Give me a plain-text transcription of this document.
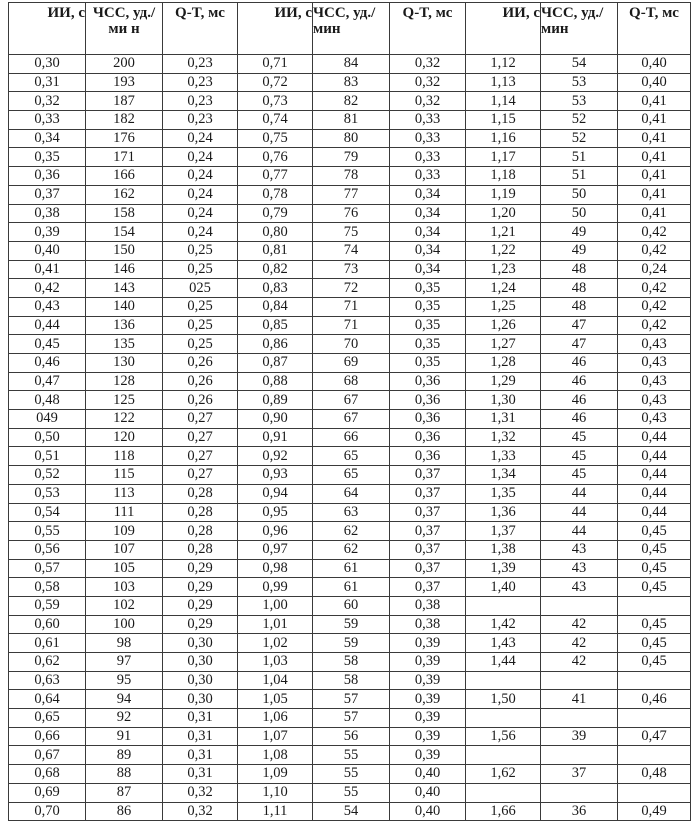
ИИ, с	ЧСС, уд./ми н	Q-T, мс	ИИ, с	ЧСС, уд./мин	Q-T, мс	ИИ, с	ЧСС, уд./мин	Q-T, мс
0,30	200	0,23	0,71	84	0,32	1,12	54	0,40
0,31	193	0,23	0,72	83	0,32	1,13	53	0,40
0,32	187	0,23	0,73	82	0,32	1,14	53	0,41
0,33	182	0,23	0,74	81	0,33	1,15	52	0,41
0,34	176	0,24	0,75	80	0,33	1,16	52	0,41
0,35	171	0,24	0,76	79	0,33	1,17	51	0,41
0,36	166	0,24	0,77	78	0,33	1,18	51	0,41
0,37	162	0,24	0,78	77	0,34	1,19	50	0,41
0,38	158	0,24	0,79	76	0,34	1,20	50	0,41
0,39	154	0,24	0,80	75	0,34	1,21	49	0,42
0,40	150	0,25	0,81	74	0,34	1,22	49	0,42
0,41	146	0,25	0,82	73	0,34	1,23	48	0,24
0,42	143	025	0,83	72	0,35	1,24	48	0,42
0,43	140	0,25	0,84	71	0,35	1,25	48	0,42
0,44	136	0,25	0,85	71	0,35	1,26	47	0,42
0,45	135	0,25	0,86	70	0,35	1,27	47	0,43
0,46	130	0,26	0,87	69	0,35	1,28	46	0,43
0,47	128	0,26	0,88	68	0,36	1,29	46	0,43
0,48	125	0,26	0,89	67	0,36	1,30	46	0,43
049	122	0,27	0,90	67	0,36	1,31	46	0,43
0,50	120	0,27	0,91	66	0,36	1,32	45	0,44
0,51	118	0,27	0,92	65	0,36	1,33	45	0,44
0,52	115	0,27	0,93	65	0,37	1,34	45	0,44
0,53	113	0,28	0,94	64	0,37	1,35	44	0,44
0,54	111	0,28	0,95	63	0,37	1,36	44	0,44
0,55	109	0,28	0,96	62	0,37	1,37	44	0,45
0,56	107	0,28	0,97	62	0,37	1,38	43	0,45
0,57	105	0,29	0,98	61	0,37	1,39	43	0,45
0,58	103	0,29	0,99	61	0,37	1,40	43	0,45
0,59	102	0,29	1,00	60	0,38			
0,60	100	0,29	1,01	59	0,38	1,42	42	0,45
0,61	98	0,30	1,02	59	0,39	1,43	42	0,45
0,62	97	0,30	1,03	58	0,39	1,44	42	0,45
0,63	95	0,30	1,04	58	0,39			
0,64	94	0,30	1,05	57	0,39	1,50	41	0,46
0,65	92	0,31	1,06	57	0,39			
0,66	91	0,31	1,07	56	0,39	1,56	39	0,47
0,67	89	0,31	1,08	55	0,39			
0,68	88	0,31	1,09	55	0,40	1,62	37	0,48
0,69	87	0,32	1,10	55	0,40			
0,70	86	0,32	1,11	54	0,40	1,66	36	0,49
